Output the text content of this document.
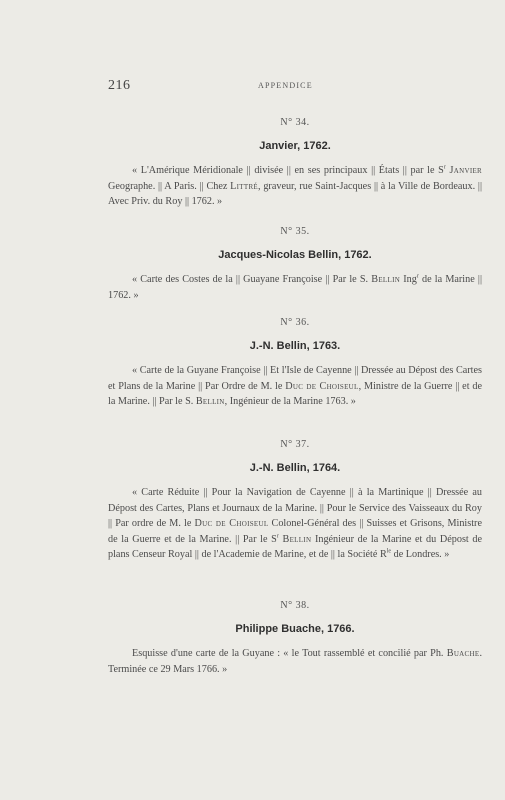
216	APPENDICE
N° 34.
Janvier, 1762.
« L'Amérique Méridionale || divisée || en ses principaux || États || par le $S^r$ Janvier Geographe. || A Paris. || Chez Littré, graveur, rue Saint-Jacques || à la Ville de Bordeaux. || Avec Priv. du Roy || 1762. »
N° 35.
Jacques-Nicolas Bellin, 1762.
« Carte des Costes de la || Guayane Françoise || Par le S. Bellin Ing$^r$ de la Marine || 1762. »
N° 36.
J.-N. Bellin, 1763.
« Carte de la Guyane Françoise || Et l'Isle de Cayenne || Dressée au Dépost des Cartes et Plans de la Marine || Par Ordre de M. le Duc de Choiseul, Ministre de la Guerre || et de la Marine. || Par le S. Bellin, Ingénieur de la Marine 1763. »
N° 37.
J.-N. Bellin, 1764.
« Carte Réduite || Pour la Navigation de Cayenne || à la Martinique || Dressée au Dépost des Cartes, Plans et Journaux de la Marine. || Pour le Service des Vaisseaux du Roy || Par ordre de M. le Duc de Choiseul Colonel-Général des || Suisses et Grisons, Ministre de la Guerre et de la Marine. || Par le $S^r$ Bellin Ingénieur de la Marine et du Dépost de plans Censeur Royal || de l'Academie de Marine, et de || la Société $R^{le}$ de Londres. »
N° 38.
Philippe Buache, 1766.
Esquisse d'une carte de la Guyane : « le Tout rassemblé et concilié par Ph. Buache. Terminée ce 29 Mars 1766. »
